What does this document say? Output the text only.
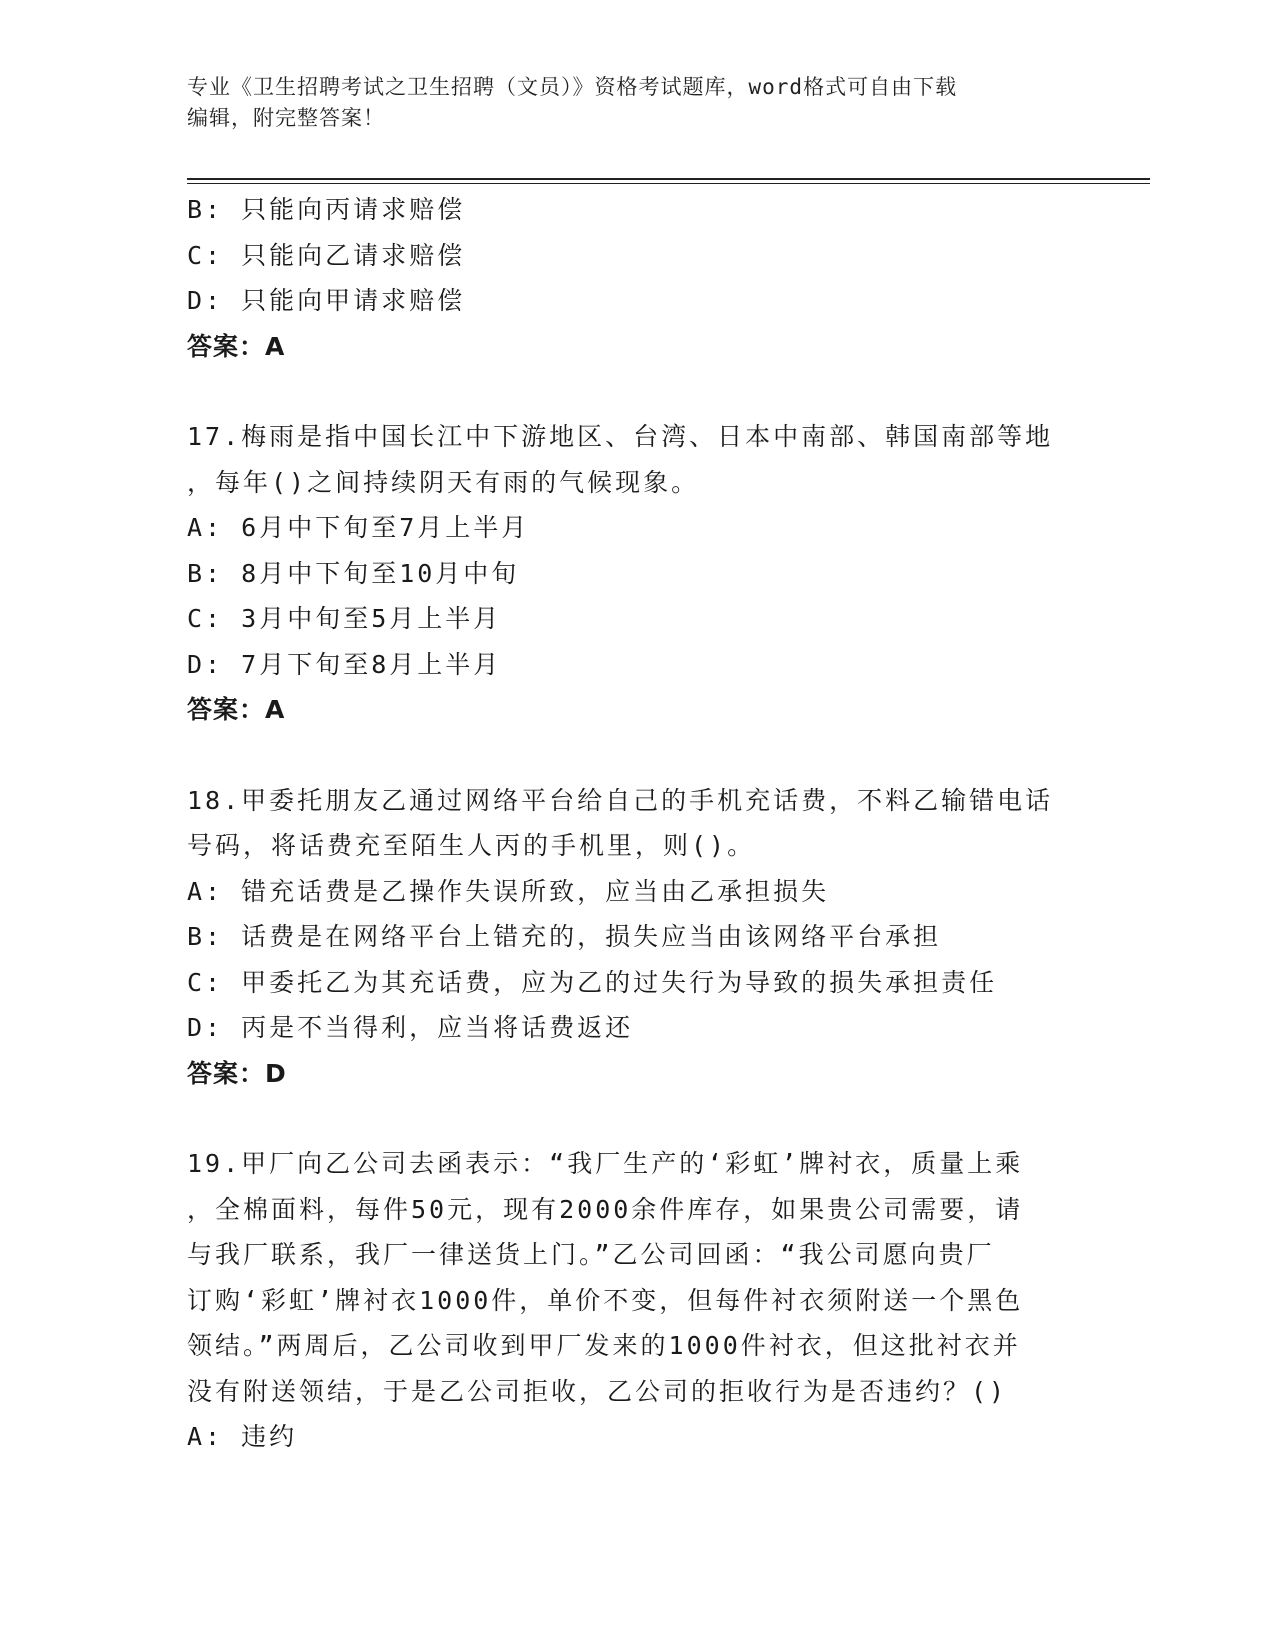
专业《卫生招聘考试之卫生招聘（文员）》资格考试题库，word格式可自由下载
编辑，附完整答案！
B: 只能向丙请求赔偿
C: 只能向乙请求赔偿
D: 只能向甲请求赔偿
答案：A
17.梅雨是指中国长江中下游地区、台湾、日本中南部、韩国南部等地
，每年()之间持续阴天有雨的气候现象。
A: 6月中下旬至7月上半月
B: 8月中下旬至10月中旬
C: 3月中旬至5月上半月
D: 7月下旬至8月上半月
答案：A
18.甲委托朋友乙通过网络平台给自己的手机充话费，不料乙输错电话
号码，将话费充至陌生人丙的手机里，则()。
A: 错充话费是乙操作失误所致，应当由乙承担损失
B: 话费是在网络平台上错充的，损失应当由该网络平台承担
C: 甲委托乙为其充话费，应为乙的过失行为导致的损失承担责任
D: 丙是不当得利，应当将话费返还
答案：D
19.甲厂向乙公司去函表示：“我厂生产的‘彩虹’牌衬衣，质量上乘
，全棉面料，每件50元，现有2000余件库存，如果贵公司需要，请
与我厂联系，我厂一律送货上门。”乙公司回函：“我公司愿向贵厂
订购‘彩虹’牌衬衣1000件，单价不变，但每件衬衣须附送一个黑色
领结。”两周后，乙公司收到甲厂发来的1000件衬衣，但这批衬衣并
没有附送领结，于是乙公司拒收，乙公司的拒收行为是否违约？()
A: 违约
